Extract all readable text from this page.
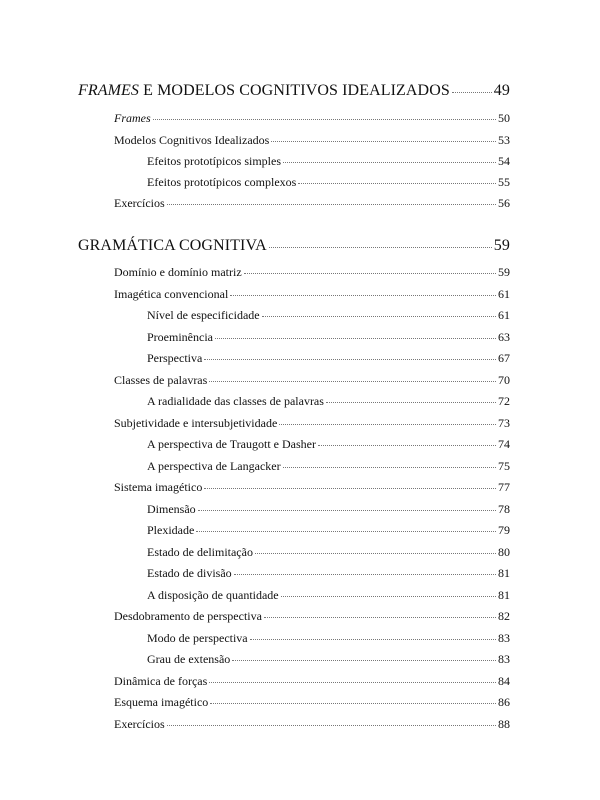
FRAMES E MODELOS COGNITIVOS IDEALIZADOS	49
Frames	50
Modelos Cognitivos Idealizados	53
Efeitos prototípicos simples	54
Efeitos prototípicos complexos	55
Exercícios	56
GRAMÁTICA COGNITIVA	59
Domínio e domínio matriz	59
Imagética convencional	61
Nível de especificidade	61
Proeminência	63
Perspectiva	67
Classes de palavras	70
A radialidade das classes de palavras	72
Subjetividade e intersubjetividade	73
A perspectiva de Traugott e Dasher	74
A perspectiva de Langacker	75
Sistema imagético	77
Dimensão	78
Plexidade	79
Estado de delimitação	80
Estado de divisão	81
A disposição de quantidade	81
Desdobramento de perspectiva	82
Modo de perspectiva	83
Grau de extensão	83
Dinâmica de forças	84
Esquema imagético	86
Exercícios	88
